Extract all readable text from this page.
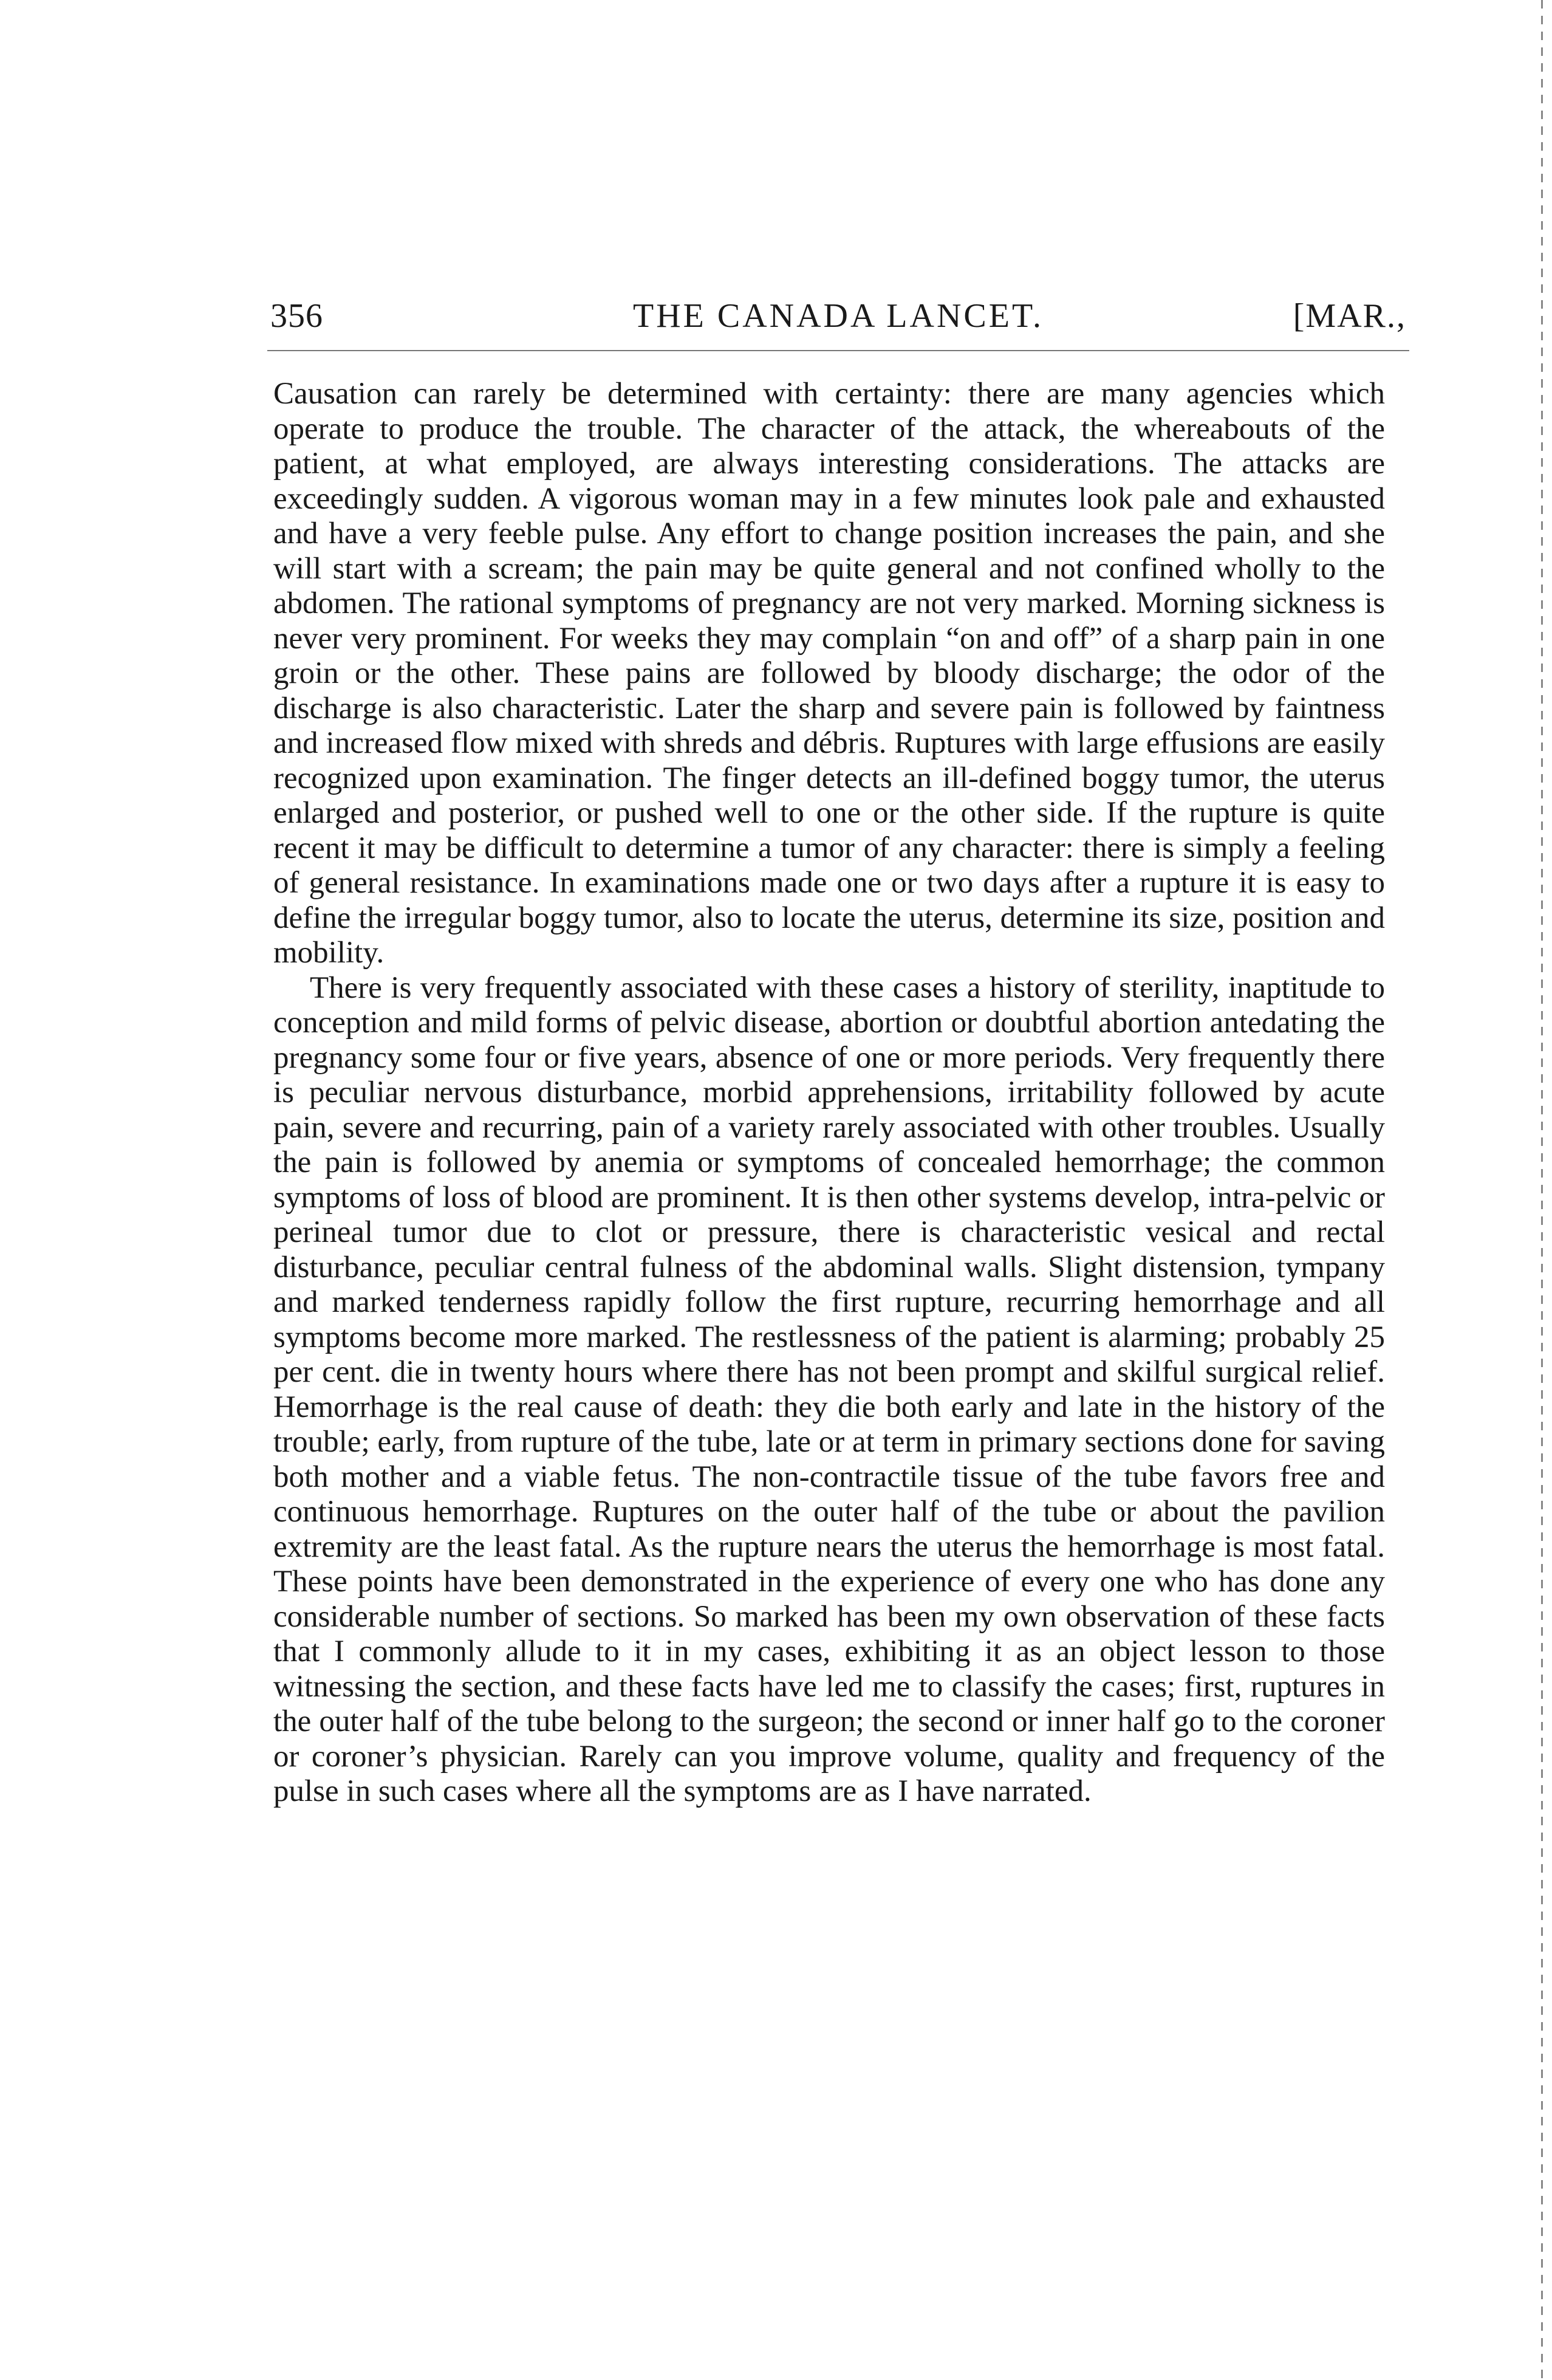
356	THE CANADA LANCET.	[MAR.,

Causation can rarely be determined with certainty: there are many agencies which operate to produce the trouble. The character of the attack, the whereabouts of the patient, at what employed, are always interesting considerations. The attacks are exceedingly sudden. A vigorous woman may in a few minutes look pale and exhausted and have a very feeble pulse. Any effort to change position increases the pain, and she will start with a scream; the pain may be quite general and not confined wholly to the abdomen. The rational symptoms of pregnancy are not very marked. Morning sickness is never very prominent. For weeks they may complain “on and off” of a sharp pain in one groin or the other. These pains are followed by bloody discharge; the odor of the discharge is also characteristic. Later the sharp and severe pain is followed by faintness and increased flow mixed with shreds and débris. Ruptures with large effusions are easily recognized upon examination. The finger detects an ill-defined boggy tumor, the uterus enlarged and posterior, or pushed well to one or the other side. If the rupture is quite recent it may be difficult to determine a tumor of any character: there is simply a feeling of general resistance. In examinations made one or two days after a rupture it is easy to define the irregular boggy tumor, also to locate the uterus, determine its size, position and mobility.

There is very frequently associated with these cases a history of sterility, inaptitude to conception and mild forms of pelvic disease, abortion or doubtful abortion antedating the pregnancy some four or five years, absence of one or more periods. Very frequently there is peculiar nervous disturbance, morbid apprehensions, irritability followed by acute pain, severe and recurring, pain of a variety rarely associated with other troubles. Usually the pain is followed by anemia or symptoms of concealed hemorrhage; the common symptoms of loss of blood are prominent. It is then other systems develop, intra-pelvic or perineal tumor due to clot or pressure, there is characteristic vesical and rectal disturbance, peculiar central fulness of the abdominal walls. Slight distension, tympany and marked tenderness rapidly follow the first rupture, recurring hemorrhage and all symptoms become more marked. The restlessness of the patient is alarming; probably 25 per cent. die in twenty hours where there has not been prompt and skilful surgical relief. Hemorrhage is the real cause of death: they die both early and late in the history of the trouble; early, from rupture of the tube, late or at term in primary sections done for saving both mother and a viable fetus. The non-contractile tissue of the tube favors free and continuous hemorrhage. Ruptures on the outer half of the tube or about the pavilion extremity are the least fatal. As the rupture nears the uterus the hemorrhage is most fatal. These points have been demonstrated in the experience of every one who has done any considerable number of sections. So marked has been my own observation of these facts that I commonly allude to it in my cases, exhibiting it as an object lesson to those witnessing the section, and these facts have led me to classify the cases; first, ruptures in the outer half of the tube belong to the surgeon; the second or inner half go to the coroner or coroner’s physician. Rarely can you improve volume, quality and frequency of the pulse in such cases where all the symptoms are as I have narrated.
